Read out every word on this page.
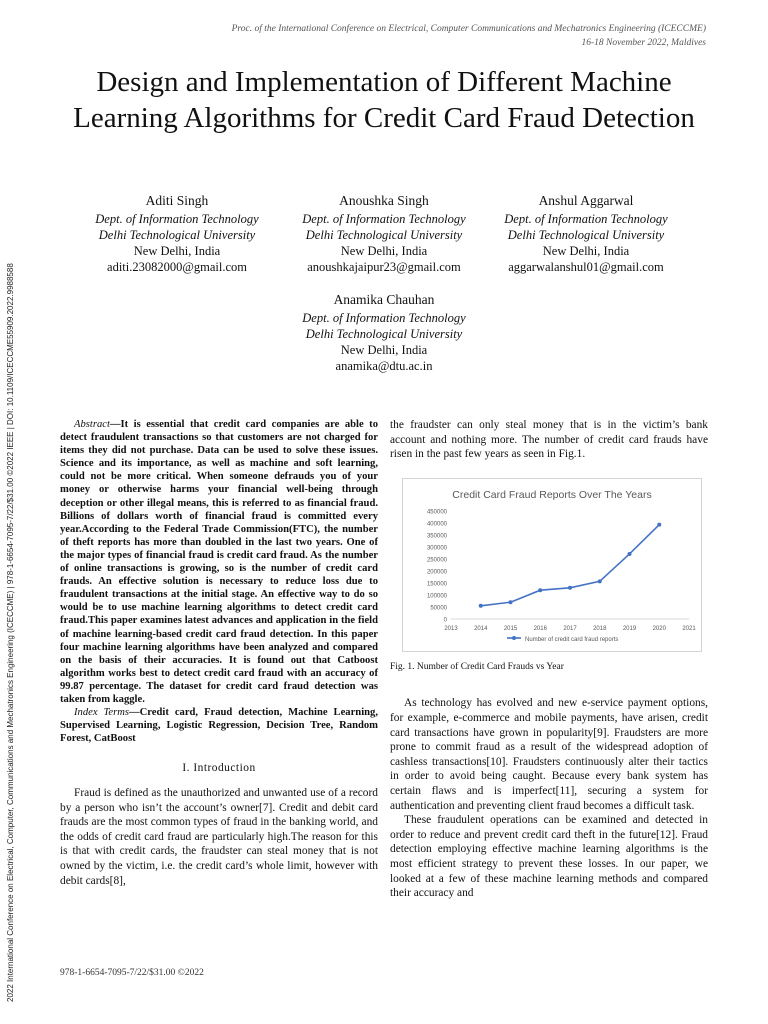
Proc. of the International Conference on Electrical, Computer Communications and Mechatronics Engineering (ICECCME)
16-18 November 2022, Maldives
2022 International Conference on Electrical, Computer, Communications and Mechatronics Engineering (ICECCME) | 978-1-6654-7095-7/22/$31.00 ©2022 IEEE | DOI: 10.1109/ICECCME55909.2022.9988588
Design and Implementation of Different Machine Learning Algorithms for Credit Card Fraud Detection
Aditi Singh
Dept. of Information Technology
Delhi Technological University
New Delhi, India
aditi.23082000@gmail.com
Anoushka Singh
Dept. of Information Technology
Delhi Technological University
New Delhi, India
anoushkajaipur23@gmail.com
Anshul Aggarwal
Dept. of Information Technology
Delhi Technological University
New Delhi, India
aggarwalanshul01@gmail.com
Anamika Chauhan
Dept. of Information Technology
Delhi Technological University
New Delhi, India
anamika@dtu.ac.in

Abstract—It is essential that credit card companies are able to detect fraudulent transactions so that customers are not charged for items they did not purchase. Data can be used to solve these issues. Science and its importance, as well as machine and soft learning, could not be more critical. When someone defrauds you of your money or otherwise harms your financial well-being through deception or other illegal means, this is referred to as financial fraud. Billions of dollars worth of financial fraud is committed every year.According to the Federal Trade Commission(FTC), the number of theft reports has more than doubled in the last two years. One of the major types of financial fraud is credit card fraud. As the number of online transactions is growing, so is the number of credit card frauds. An effective solution is necessary to reduce loss due to fraudulent transactions at the initial stage. An effective way to do so would be to use machine learning algorithms to detect credit card fraud.This paper examines latest advances and application in the field of machine learning-based credit card fraud detection. In this paper four machine learning algorithms have been analyzed and compared on the basis of their accuracies. It is found out that Catboost algorithm works best to detect credit card fraud with an accuracy of 99.87 percentage. The dataset for credit card fraud detection was taken from kaggle.

Index Terms—Credit card, Fraud detection, Machine Learning, Supervised Learning, Logistic Regression, Decision Tree, Random Forest, CatBoost

I. Introduction

Fraud is defined as the unauthorized and unwanted use of a record by a person who isn’t the account’s owner[7]. Credit and debit card frauds are the most common types of fraud in the banking world, and the odds of credit card fraud are particularly high.The reason for this is that with credit cards, the fraudster can steal money that is not owned by the victim, i.e. the credit card’s whole limit, however with debit cards[8],

the fraudster can only steal money that is in the victim’s bank account and nothing more. The number of credit card frauds have risen in the past few years as seen in Fig.1.

Credit Card Fraud Reports Over The Years
0
50000
100000
150000
200000
250000
300000
350000
400000
450000
2013	2014	2015	2016	2017	2018	2019	2020	2021
Number of credit card fraud reports

Fig. 1. Number of Credit Card Frauds vs Year

As technology has evolved and new e-service payment options, for example, e-commerce and mobile payments, have arisen, credit card transactions have grown in popularity[9]. Fraudsters are more prone to commit fraud as a result of the widespread adoption of cashless transactions[10]. Fraudsters continuously alter their tactics in order to avoid being caught. Because every bank system has certain flaws and is imperfect[11], securing a system for authentication and preventing client fraud becomes a difficult task.

These fraudulent operations can be examined and detected in order to reduce and prevent credit card theft in the future[12]. Fraud detection employing effective machine learning algorithms is the most efficient strategy to prevent these losses. In our paper, we looked at a few of these machine learning methods and compared their accuracy and

978-1-6654-7095-7/22/$31.00 ©2022
